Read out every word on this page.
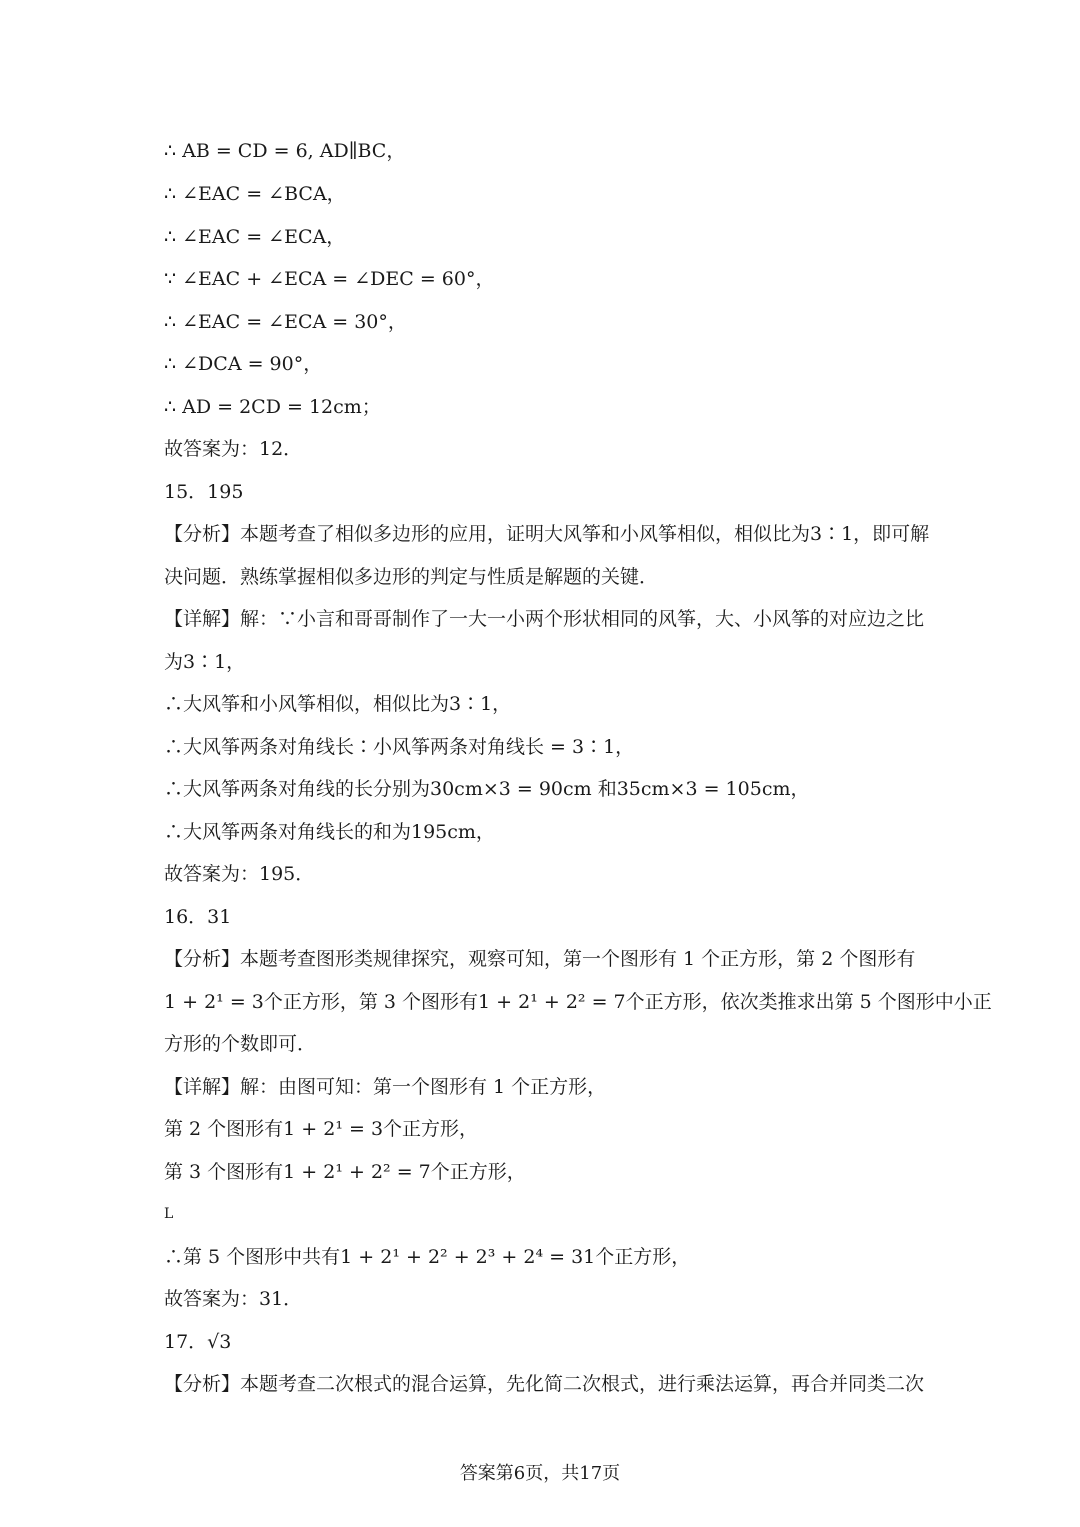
∴ AB = CD = 6, AD∥BC，
∴ ∠EAC = ∠BCA，
∴ ∠EAC = ∠ECA，
∵ ∠EAC + ∠ECA = ∠DEC = 60°，
∴ ∠EAC = ∠ECA = 30°，
∴ ∠DCA = 90°，
∴ AD = 2CD = 12cm；
故答案为：12．
15．195
【分析】本题考查了相似多边形的应用，证明大风筝和小风筝相似，相似比为3∶1，即可解
决问题．熟练掌握相似多边形的判定与性质是解题的关键．
【详解】解：∵小言和哥哥制作了一大一小两个形状相同的风筝，大、小风筝的对应边之比
为3∶1，
∴大风筝和小风筝相似，相似比为3∶1，
∴大风筝两条对角线长∶小风筝两条对角线长 = 3∶1，
∴大风筝两条对角线的长分别为30cm×3 = 90cm 和35cm×3 = 105cm，
∴大风筝两条对角线长的和为195cm，
故答案为：195．
16．31
【分析】本题考查图形类规律探究，观察可知，第一个图形有 1 个正方形，第 2 个图形有
1 + 2¹ = 3个正方形，第 3 个图形有1 + 2¹ + 2² = 7个正方形，依次类推求出第 5 个图形中小正
方形的个数即可．
【详解】解：由图可知：第一个图形有 1 个正方形，
第 2 个图形有1 + 2¹ = 3个正方形，
第 3 个图形有1 + 2¹ + 2² = 7个正方形，
L
∴第 5 个图形中共有1 + 2¹ + 2² + 2³ + 2⁴ = 31个正方形，
故答案为：31．
17．√3
【分析】本题考查二次根式的混合运算，先化简二次根式，进行乘法运算，再合并同类二次
答案第6页，共17页
